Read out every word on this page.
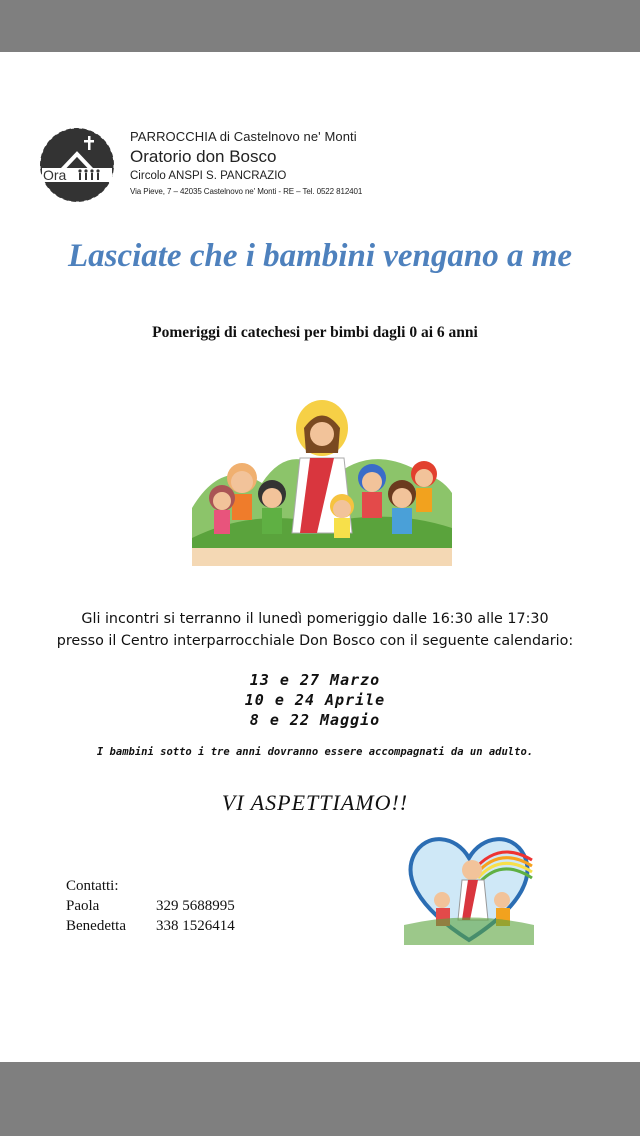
Ora
PARROCCHIA di Castelnovo ne' Monti
Oratorio don Bosco
Circolo ANSPI S. PANCRAZIO
Via Pieve, 7 – 42035 Castelnovo ne' Monti - RE – Tel. 0522 812401
Lasciate che i bambini vengano a me
Pomeriggi di catechesi per bimbi dagli 0 ai 6 anni
Gli incontri si terranno il lunedì pomeriggio dalle 16:30 alle 17:30
presso il Centro interparrocchiale Don Bosco con il seguente calendario:
13 e 27 Marzo
10 e 24 Aprile
8 e 22 Maggio
I bambini sotto i tre anni dovranno essere accompagnati da un adulto.
VI ASPETTIAMO!!
Contatti:
Paola	329 5688995
Benedetta	338 1526414
